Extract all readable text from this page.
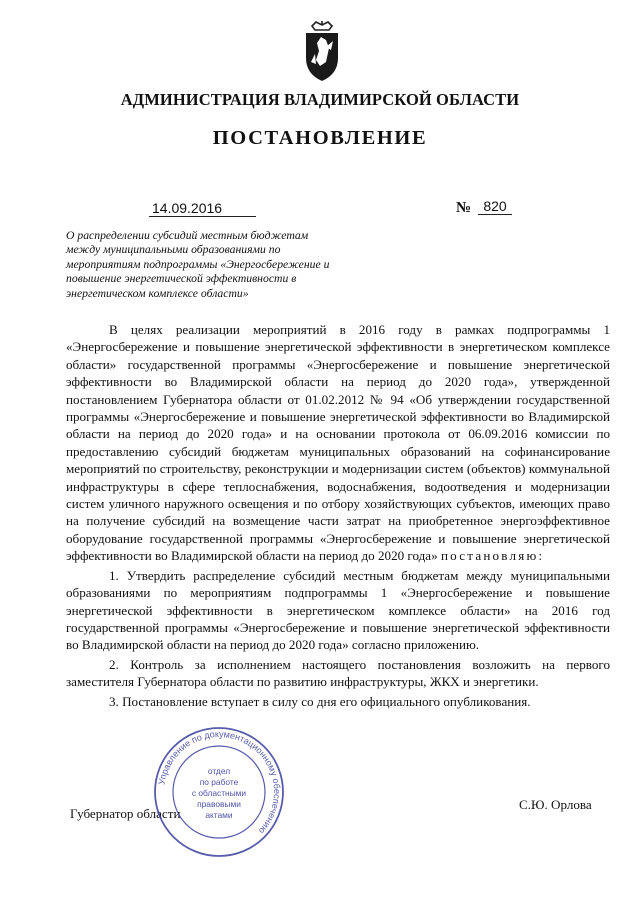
АДМИНИСТРАЦИЯ ВЛАДИМИРСКОЙ ОБЛАСТИ
ПОСТАНОВЛЕНИЕ
14.09.2016	№ 820
О распределении субсидий местным бюджетам
между муниципальными образованиями по
мероприятиям подпрограммы «Энергосбережение и
повышение энергетической эффективности в
энергетическом комплексе области»

В целях реализации мероприятий в 2016 году в рамках подпрограммы 1 «Энергосбережение и повышение энергетической эффективности в энергетическом комплексе области» государственной программы «Энергосбережение и повышение энергетической эффективности во Владимирской области на период до 2020 года», утвержденной постановлением Губернатора области от 01.02.2012 № 94 «Об утверждении государственной программы «Энергосбережение и повышение энергетической эффективности во Владимирской области на период до 2020 года» и на основании протокола от 06.09.2016 комиссии по предоставлению субсидий бюджетам муниципальных образований на софинансирование мероприятий по строительству, реконструкции и модернизации систем (объектов) коммунальной инфраструктуры в сфере теплоснабжения, водоснабжения, водоотведения и модернизации систем уличного наружного освещения и по отбору хозяйствующих субъектов, имеющих право на получение субсидий на возмещение части затрат на приобретенное энергоэффективное оборудование государственной программы «Энергосбережение и повышение энергетической эффективности во Владимирской области на период до 2020 года» постановляю:

1. Утвердить распределение субсидий местным бюджетам между муниципальными образованиями по мероприятиям подпрограммы 1 «Энергосбережение и повышение энергетической эффективности в энергетическом комплексе области» на 2016 год государственной программы «Энергосбережение и повышение энергетической эффективности во Владимирской области на период до 2020 года» согласно приложению.

2. Контроль за исполнением настоящего постановления возложить на первого заместителя Губернатора области по развитию инфраструктуры, ЖКХ и энергетики.

3. Постановление вступает в силу со дня его официального опубликования.

Губернатор области
С.Ю. Орлова
Управление по документационному обеспечению
отдел
по работе
с областными
правовыми
актами
